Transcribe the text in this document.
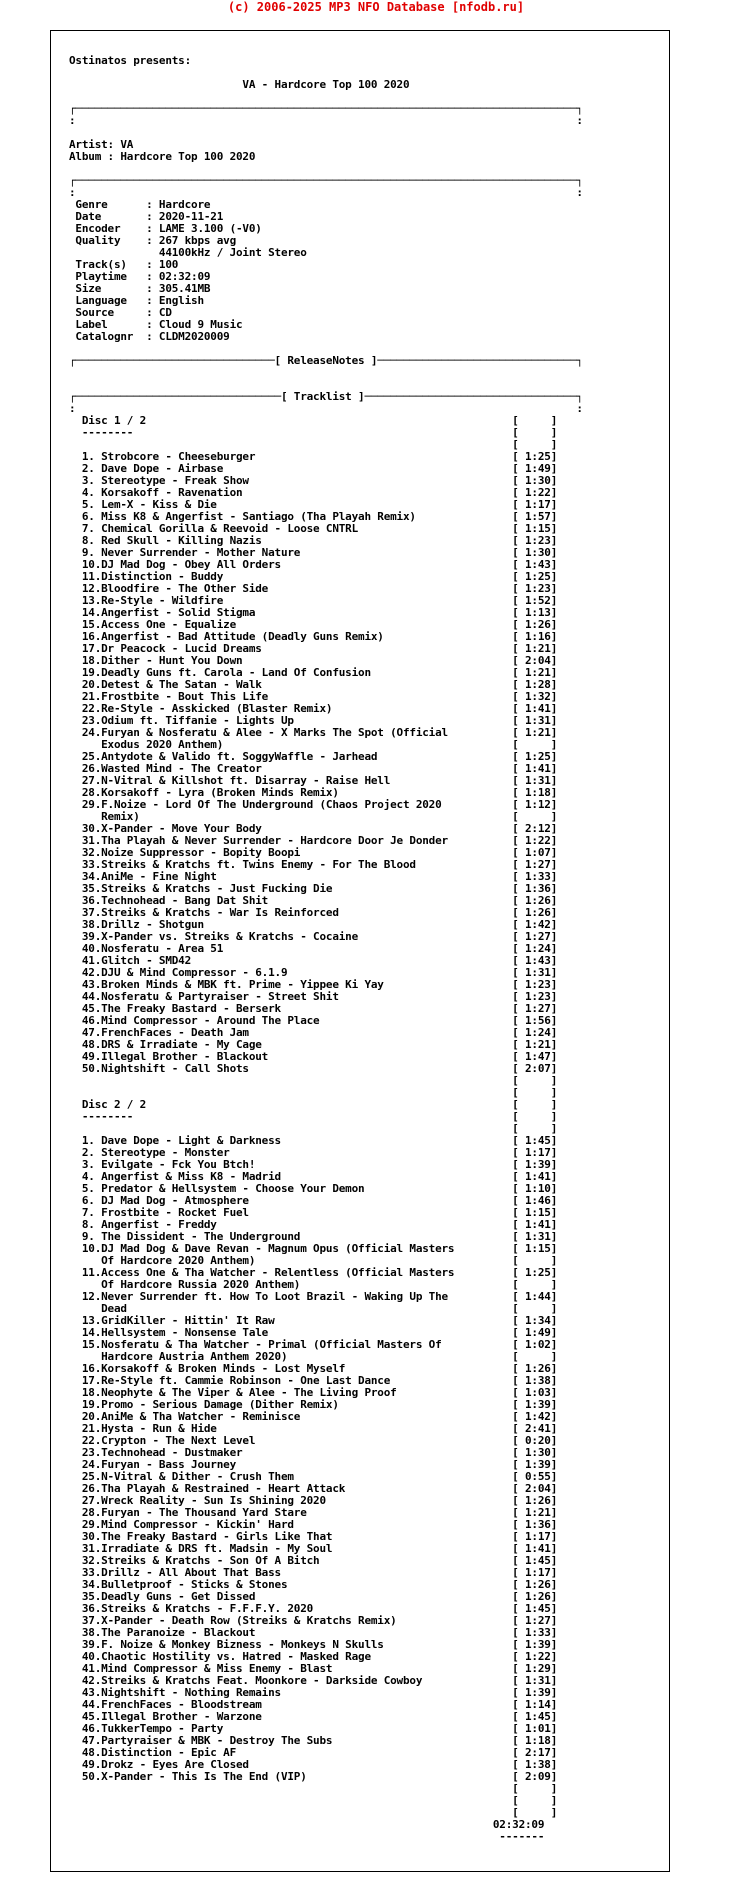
(c) 2006-2025 MP3 NFO Database [nfodb.ru]

Ostinatos presents:
VA - Hardcore Top 100 2020
┌──────────────────────────────────────────────────────────────────────────────┐
:                                                                              :
Artist: VA
Album : Hardcore Top 100 2020
┌──────────────────────────────────────────────────────────────────────────────┐
:                                                                              :
Genre      : Hardcore
Date       : 2020-11-21
Encoder    : LAME 3.100 (-V0)
Quality    : 267 kbps avg
44100kHz / Joint Stereo
Track(s)   : 100
Playtime   : 02:32:09
Size       : 305.41MB
Language   : English
Source     : CD
Label      : Cloud 9 Music
Catalognr  : CLDM2020009
┌───────────────────────────────[ ReleaseNotes ]───────────────────────────────┐
┌────────────────────────────────[ Tracklist ]─────────────────────────────────┐
:                                                                              :
Disc 1 / 2                                                         [     ]
--------                                                           [     ]
[     ]
1. Strobcore - Cheeseburger                                        [ 1:25]
2. Dave Dope - Airbase                                             [ 1:49]
3. Stereotype - Freak Show                                         [ 1:30]
4. Korsakoff - Ravenation                                          [ 1:22]
5. Lem-X - Kiss & Die                                              [ 1:17]
6. Miss K8 & Angerfist - Santiago (Tha Playah Remix)               [ 1:57]
7. Chemical Gorilla & Reevoid - Loose CNTRL                        [ 1:15]
8. Red Skull - Killing Nazis                                       [ 1:23]
9. Never Surrender - Mother Nature                                 [ 1:30]
10.DJ Mad Dog - Obey All Orders                                    [ 1:43]
11.Distinction - Buddy                                             [ 1:25]
12.Bloodfire - The Other Side                                      [ 1:23]
13.Re-Style - Wildfire                                             [ 1:52]
14.Angerfist - Solid Stigma                                        [ 1:13]
15.Access One - Equalize                                           [ 1:26]
16.Angerfist - Bad Attitude (Deadly Guns Remix)                    [ 1:16]
17.Dr Peacock - Lucid Dreams                                       [ 1:21]
18.Dither - Hunt You Down                                          [ 2:04]
19.Deadly Guns ft. Carola - Land Of Confusion                      [ 1:21]
20.Detest & The Satan - Walk                                       [ 1:28]
21.Frostbite - Bout This Life                                      [ 1:32]
22.Re-Style - Asskicked (Blaster Remix)                            [ 1:41]
23.Odium ft. Tiffanie - Lights Up                                  [ 1:31]
24.Furyan & Nosferatu & Alee - X Marks The Spot (Official          [ 1:21]
Exodus 2020 Anthem)                                             [     ]
25.Antydote & Valido ft. SoggyWaffle - Jarhead                     [ 1:25]
26.Wasted Mind - The Creator                                       [ 1:41]
27.N-Vitral & Killshot ft. Disarray - Raise Hell                   [ 1:31]
28.Korsakoff - Lyra (Broken Minds Remix)                           [ 1:18]
29.F.Noize - Lord Of The Underground (Chaos Project 2020           [ 1:12]
Remix)                                                          [     ]
30.X-Pander - Move Your Body                                       [ 2:12]
31.Tha Playah & Never Surrender - Hardcore Door Je Donder          [ 1:22]
32.Noize Suppressor - Bopity Boopi                                 [ 1:07]
33.Streiks & Kratchs ft. Twins Enemy - For The Blood               [ 1:27]
34.AniMe - Fine Night                                              [ 1:33]
35.Streiks & Kratchs - Just Fucking Die                            [ 1:36]
36.Technohead - Bang Dat Shit                                      [ 1:26]
37.Streiks & Kratchs - War Is Reinforced                           [ 1:26]
38.Drillz - Shotgun                                                [ 1:42]
39.X-Pander vs. Streiks & Kratchs - Cocaine                        [ 1:27]
40.Nosferatu - Area 51                                             [ 1:24]
41.Glitch - SMD42                                                  [ 1:43]
42.DJU & Mind Compressor - 6.1.9                                   [ 1:31]
43.Broken Minds & MBK ft. Prime - Yippee Ki Yay                    [ 1:23]
44.Nosferatu & Partyraiser - Street Shit                           [ 1:23]
45.The Freaky Bastard - Berserk                                    [ 1:27]
46.Mind Compressor - Around The Place                              [ 1:56]
47.FrenchFaces - Death Jam                                         [ 1:24]
48.DRS & Irradiate - My Cage                                       [ 1:21]
49.Illegal Brother - Blackout                                      [ 1:47]
50.Nightshift - Call Shots                                         [ 2:07]
[     ]
[     ]
Disc 2 / 2                                                         [     ]
--------                                                           [     ]
[     ]
1. Dave Dope - Light & Darkness                                    [ 1:45]
2. Stereotype - Monster                                            [ 1:17]
3. Evilgate - Fck You Btch!                                        [ 1:39]
4. Angerfist & Miss K8 - Madrid                                    [ 1:41]
5. Predator & Hellsystem - Choose Your Demon                       [ 1:10]
6. DJ Mad Dog - Atmosphere                                         [ 1:46]
7. Frostbite - Rocket Fuel                                         [ 1:15]
8. Angerfist - Freddy                                              [ 1:41]
9. The Dissident - The Underground                                 [ 1:31]
10.DJ Mad Dog & Dave Revan - Magnum Opus (Official Masters         [ 1:15]
Of Hardcore 2020 Anthem)                                        [     ]
11.Access One & Tha Watcher - Relentless (Official Masters         [ 1:25]
Of Hardcore Russia 2020 Anthem)                                 [     ]
12.Never Surrender ft. How To Loot Brazil - Waking Up The          [ 1:44]
Dead                                                            [     ]
13.GridKiller - Hittin' It Raw                                     [ 1:34]
14.Hellsystem - Nonsense Tale                                      [ 1:49]
15.Nosferatu & Tha Watcher - Primal (Official Masters Of           [ 1:02]
Hardcore Austria Anthem 2020)                                   [     ]
16.Korsakoff & Broken Minds - Lost Myself                          [ 1:26]
17.Re-Style ft. Cammie Robinson - One Last Dance                   [ 1:38]
18.Neophyte & The Viper & Alee - The Living Proof                  [ 1:03]
19.Promo - Serious Damage (Dither Remix)                           [ 1:39]
20.AniMe & Tha Watcher - Reminisce                                 [ 1:42]
21.Hysta - Run & Hide                                              [ 2:41]
22.Crypton - The Next Level                                        [ 0:20]
23.Technohead - Dustmaker                                          [ 1:30]
24.Furyan - Bass Journey                                           [ 1:39]
25.N-Vitral & Dither - Crush Them                                  [ 0:55]
26.Tha Playah & Restrained - Heart Attack                          [ 2:04]
27.Wreck Reality - Sun Is Shining 2020                             [ 1:26]
28.Furyan - The Thousand Yard Stare                                [ 1:21]
29.Mind Compressor - Kickin' Hard                                  [ 1:36]
30.The Freaky Bastard - Girls Like That                            [ 1:17]
31.Irradiate & DRS ft. Madsin - My Soul                            [ 1:41]
32.Streiks & Kratchs - Son Of A Bitch                              [ 1:45]
33.Drillz - All About That Bass                                    [ 1:17]
34.Bulletproof - Sticks & Stones                                   [ 1:26]
35.Deadly Guns - Get Dissed                                        [ 1:26]
36.Streiks & Kratchs - F.F.F.Y. 2020                               [ 1:45]
37.X-Pander - Death Row (Streiks & Kratchs Remix)                  [ 1:27]
38.The Paranoize - Blackout                                        [ 1:33]
39.F. Noize & Monkey Bizness - Monkeys N Skulls                    [ 1:39]
40.Chaotic Hostility vs. Hatred - Masked Rage                      [ 1:22]
41.Mind Compressor & Miss Enemy - Blast                            [ 1:29]
42.Streiks & Kratchs Feat. Moonkore - Darkside Cowboy              [ 1:31]
43.Nightshift - Nothing Remains                                    [ 1:39]
44.FrenchFaces - Bloodstream                                       [ 1:14]
45.Illegal Brother - Warzone                                       [ 1:45]
46.TukkerTempo - Party                                             [ 1:01]
47.Partyraiser & MBK - Destroy The Subs                            [ 1:18]
48.Distinction - Epic AF                                           [ 2:17]
49.Drokz - Eyes Are Closed                                         [ 1:38]
50.X-Pander - This Is The End (VIP)                                [ 2:09]
[     ]
[     ]
[     ]
02:32:09
-------
